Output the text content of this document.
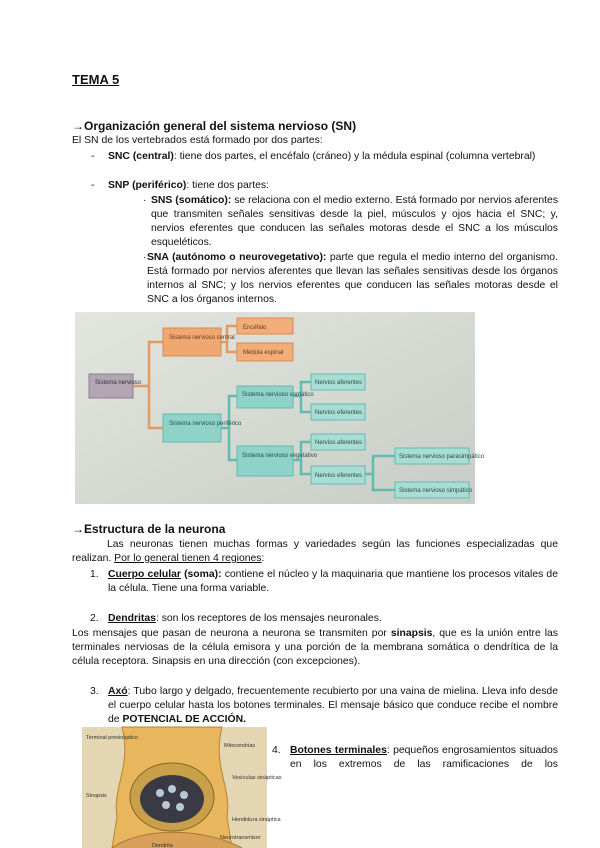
TEMA 5
→Organización general del sistema nervioso (SN)
El SN de los vertebrados está formado por dos partes:
- SNC (central): tiene dos partes, el encéfalo (cráneo) y la médula espinal (columna vertebral)
- SNP (periférico): tiene dos partes:
· SNS (somático): se relaciona con el medio externo. Está formado por nervios aferentes que transmiten señales sensitivas desde la piel, músculos y ojos hacia el SNC; y, nervios eferentes que conducen las señales motoras desde el SNC a los músculos esqueléticos.
· SNA (autónomo o neurovegetativo): parte que regula el medio interno del organismo. Está formado por nervios aferentes que llevan las señales sensitivas desde los órganos internos al SNC; y los nervios eferentes que conducen las señales motoras desde el SNC a los órganos internos.
Sistema nervioso
Sistema nervioso central
Encéfalo
Médula espinal
Sistema nervioso periférico
Sistema nervioso somático
Sistema nervioso vegetativo
Nervios aferentes
Nervios eferentes
Nervios aferentes
Nervios eferentes
Sistema nervioso parasimpático
Sistema nervioso simpático
→Estructura de la neurona
Las neuronas tienen muchas formas y variedades según las funciones especializadas que realizan. Por lo general tienen 4 regiones:
1. Cuerpo celular (soma): contiene el núcleo y la maquinaria que mantiene los procesos vitales de la célula. Tiene una forma variable.
2. Dendritas: son los receptores de los mensajes neuronales.
Los mensajes que pasan de neurona a neurona se transmiten por sinapsis, que es la unión entre las terminales nerviosas de la célula emisora y una porción de la membrana somática o dendrítica de la célula receptora. Sinapsis en una dirección (con excepciones).
3. Axó: Tubo largo y delgado, frecuentemente recubierto por una vaina de mielina. Lleva info desde el cuerpo celular hasta los botones terminales. El mensaje básico que conduce recibe el nombre de POTENCIAL DE ACCIÓN.
Terminal presináptico
Sinapsis
Mitocondrias
Vesículas sinápticas
Hendidura sináptica
Neurotransmisor
Dendrita
4. Botones terminales: pequeños engrosamientos situados en los extremos de las ramificaciones de los
